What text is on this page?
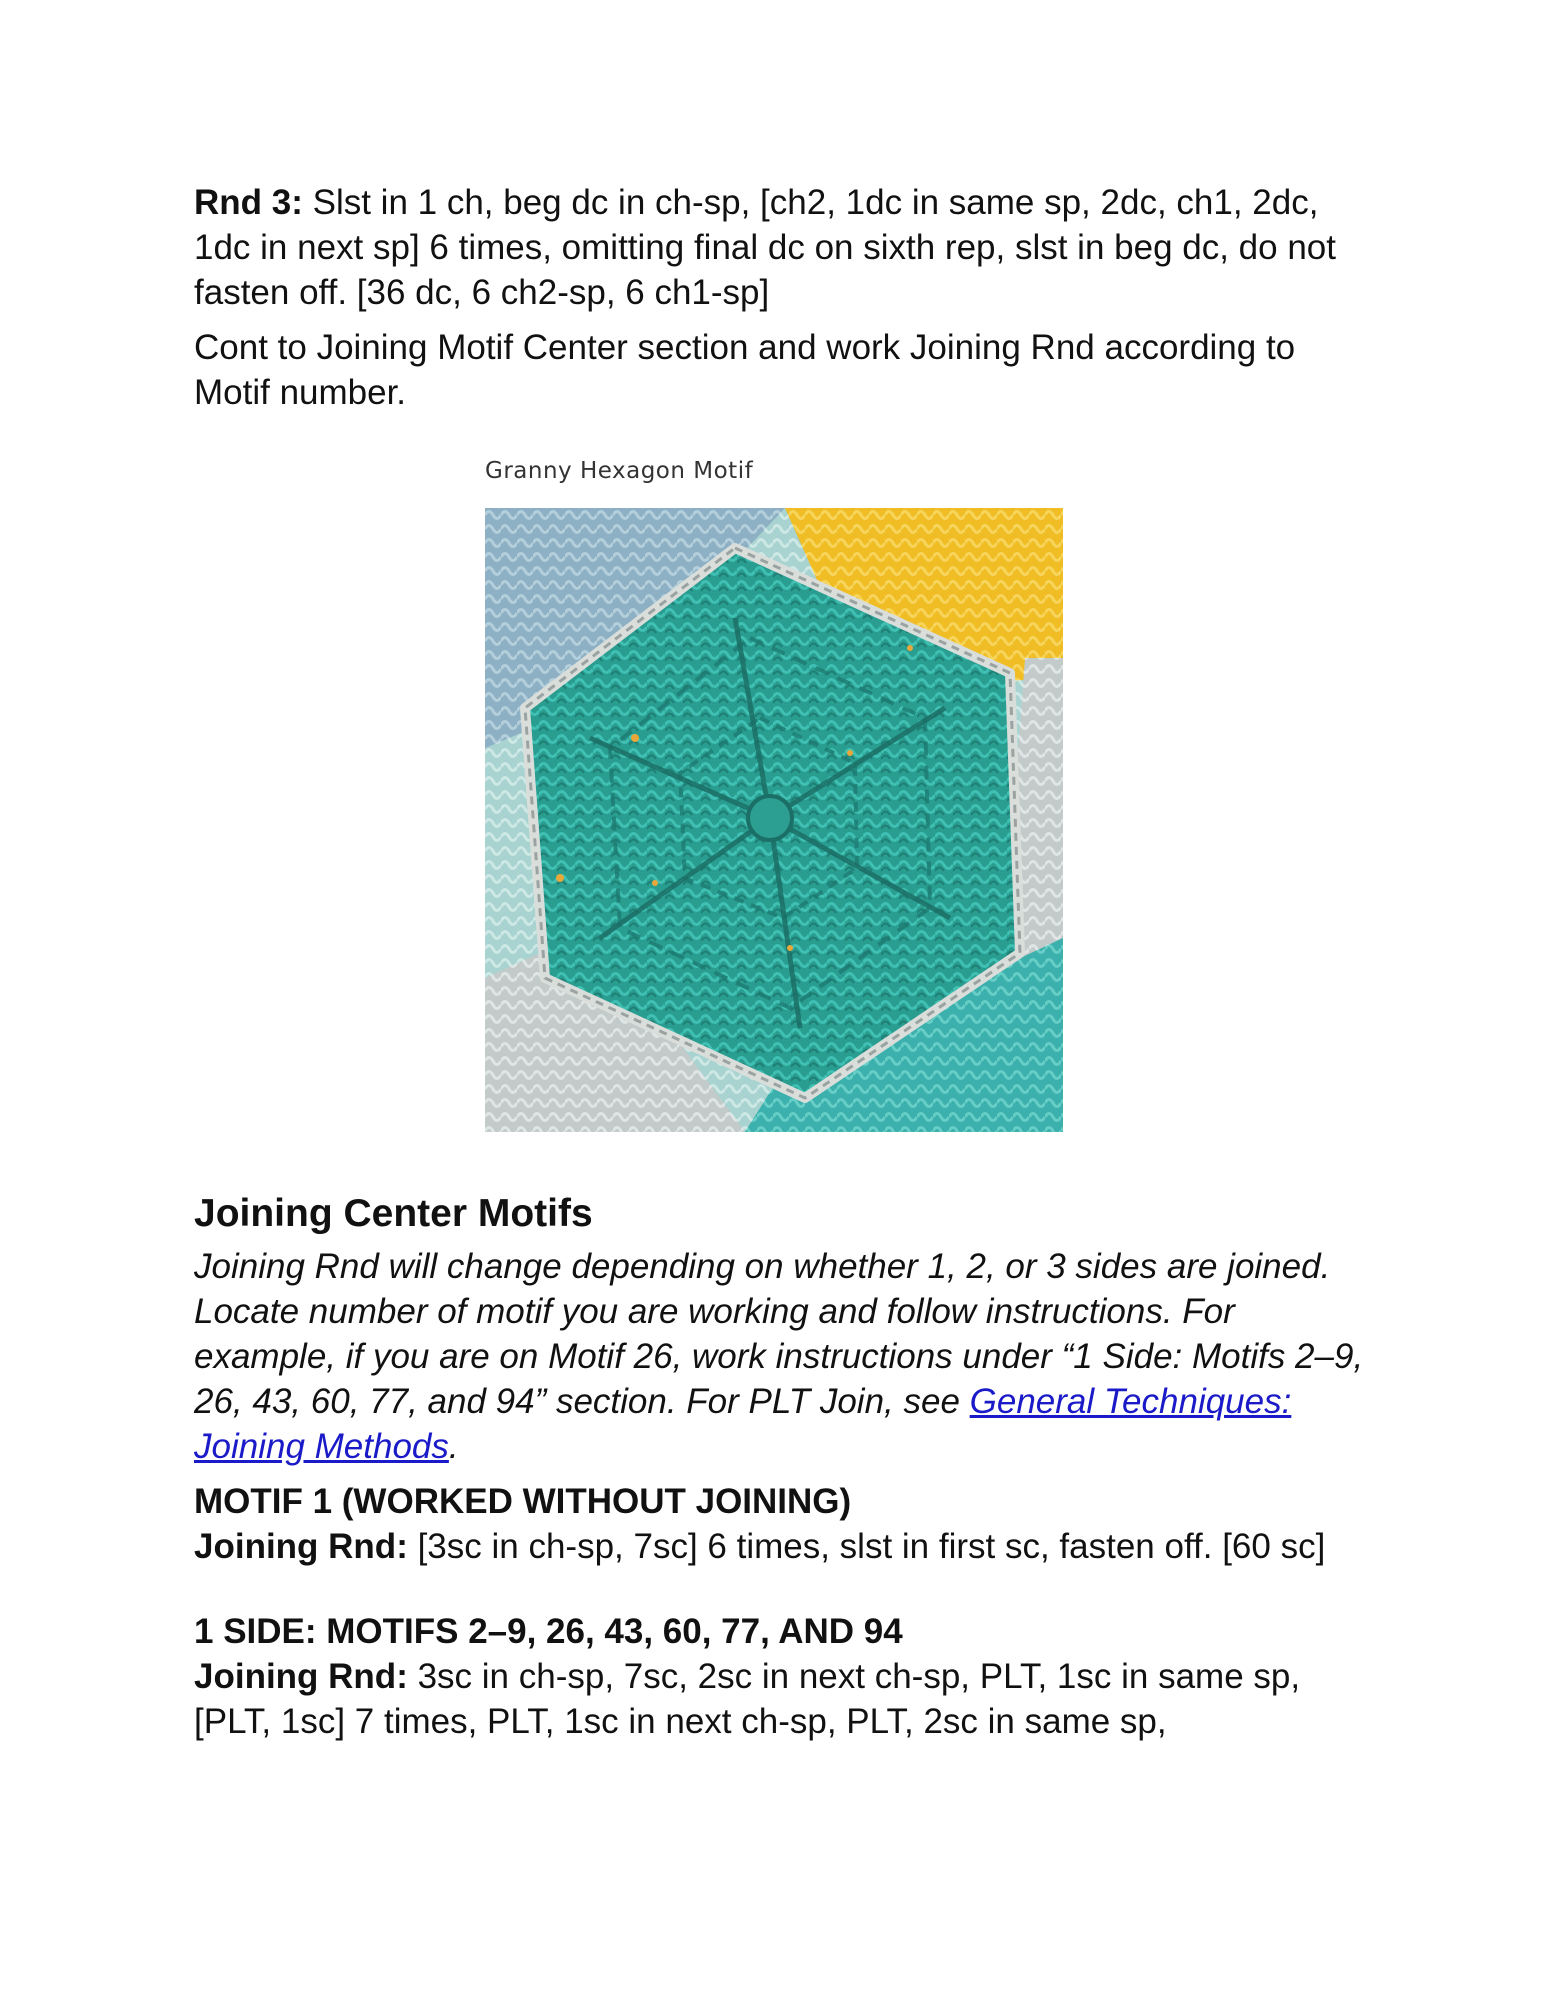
Rnd 3: Slst in 1 ch, beg dc in ch-sp, [ch2, 1dc in same sp, 2dc, ch1, 2dc, 1dc in next sp] 6 times, omitting final dc on sixth rep, slst in beg dc, do not fasten off. [36 dc, 6 ch2-sp, 6 ch1-sp]

Cont to Joining Motif Center section and work Joining Rnd according to Motif number.

Granny Hexagon Motif

Joining Center Motifs

Joining Rnd will change depending on whether 1, 2, or 3 sides are joined. Locate number of motif you are working and follow instructions. For example, if you are on Motif 26, work instructions under “1 Side: Motifs 2–9, 26, 43, 60, 77, and 94” section. For PLT Join, see General Techniques: Joining Methods.

MOTIF 1 (WORKED WITHOUT JOINING)

Joining Rnd: [3sc in ch-sp, 7sc] 6 times, slst in first sc, fasten off. [60 sc]

1 SIDE: MOTIFS 2–9, 26, 43, 60, 77, AND 94

Joining Rnd: 3sc in ch-sp, 7sc, 2sc in next ch-sp, PLT, 1sc in same sp, [PLT, 1sc] 7 times, PLT, 1sc in next ch-sp, PLT, 2sc in same sp,
